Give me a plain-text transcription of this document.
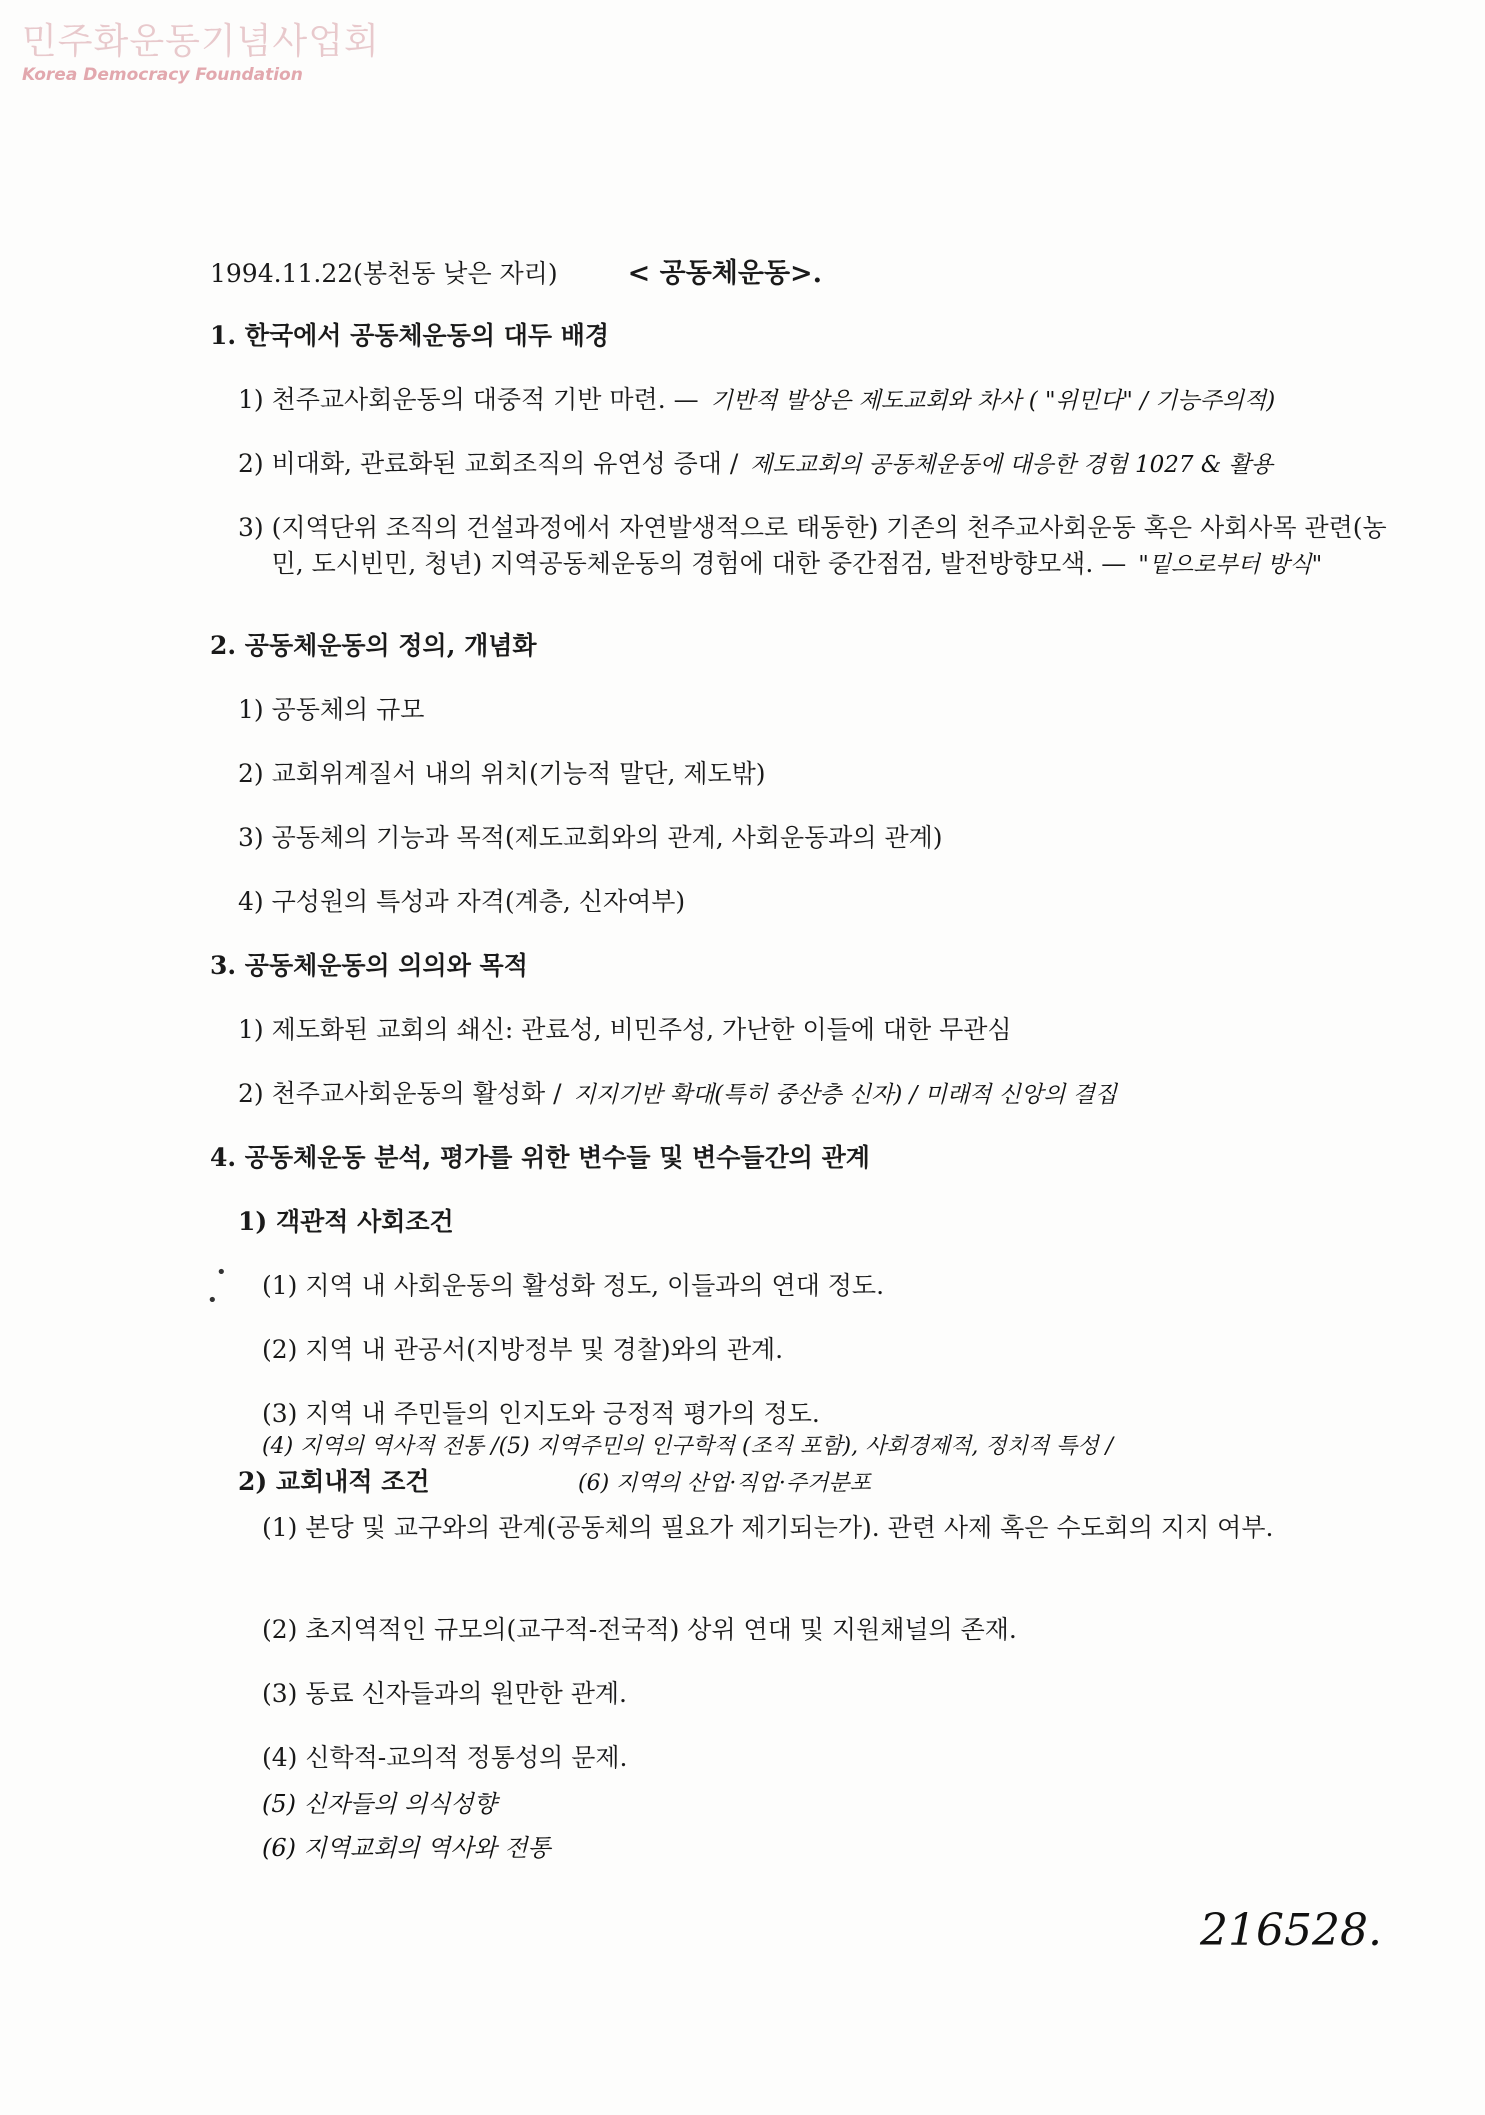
민주화운동기념사업회
Korea Democracy Foundation
1994.11.22(봉천동 낮은 자리)	< 공동체운동>.
1. 한국에서 공동체운동의 대두 배경
1) 천주교사회운동의 대중적 기반 마련. — 기반적 발상은 제도교회와 차사 ( "위민다" / 기능주의적)
2) 비대화, 관료화된 교회조직의 유연성 증대 / 제도교회의 공동체운동에 대응한 경험 1027 & 활용
3) (지역단위 조직의 건설과정에서 자연발생적으로 태동한) 기존의 천주교사회운동 혹은 사회사목 관련(농민, 도시빈민, 청년) 지역공동체운동의 경험에 대한 중간점검, 발전방향모색. — "밑으로부터 방식"
2. 공동체운동의 정의, 개념화
1) 공동체의 규모
2) 교회위계질서 내의 위치(기능적 말단, 제도밖)
3) 공동체의 기능과 목적(제도교회와의 관계, 사회운동과의 관계)
4) 구성원의 특성과 자격(계층, 신자여부)
3. 공동체운동의 의의와 목적
1) 제도화된 교회의 쇄신: 관료성, 비민주성, 가난한 이들에 대한 무관심
2) 천주교사회운동의 활성화 / 지지기반 확대(특히 중산층 신자) / 미래적 신앙의 결집
4. 공동체운동 분석, 평가를 위한 변수들 및 변수들간의 관계
1) 객관적 사회조건
(1) 지역 내 사회운동의 활성화 정도, 이들과의 연대 정도.
(2) 지역 내 관공서(지방정부 및 경찰)와의 관계.
(3) 지역 내 주민들의 인지도와 긍정적 평가의 정도.
(4) 지역의 역사적 전통 /(5) 지역주민의 인구학적 (조직 포함), 사회경제적, 정치적 특성 /
2) 교회내적 조건	(6) 지역의 산업·직업·주거분포
(1) 본당 및 교구와의 관계(공동체의 필요가 제기되는가). 관련 사제 혹은 수도회의 지지 여부.
(2) 초지역적인 규모의(교구적-전국적) 상위 연대 및 지원채널의 존재.
(3) 동료 신자들과의 원만한 관계.
(4) 신학적-교의적 정통성의 문제.
(5) 신자들의 의식성향
(6) 지역교회의 역사와 전통
•
•
216528.
